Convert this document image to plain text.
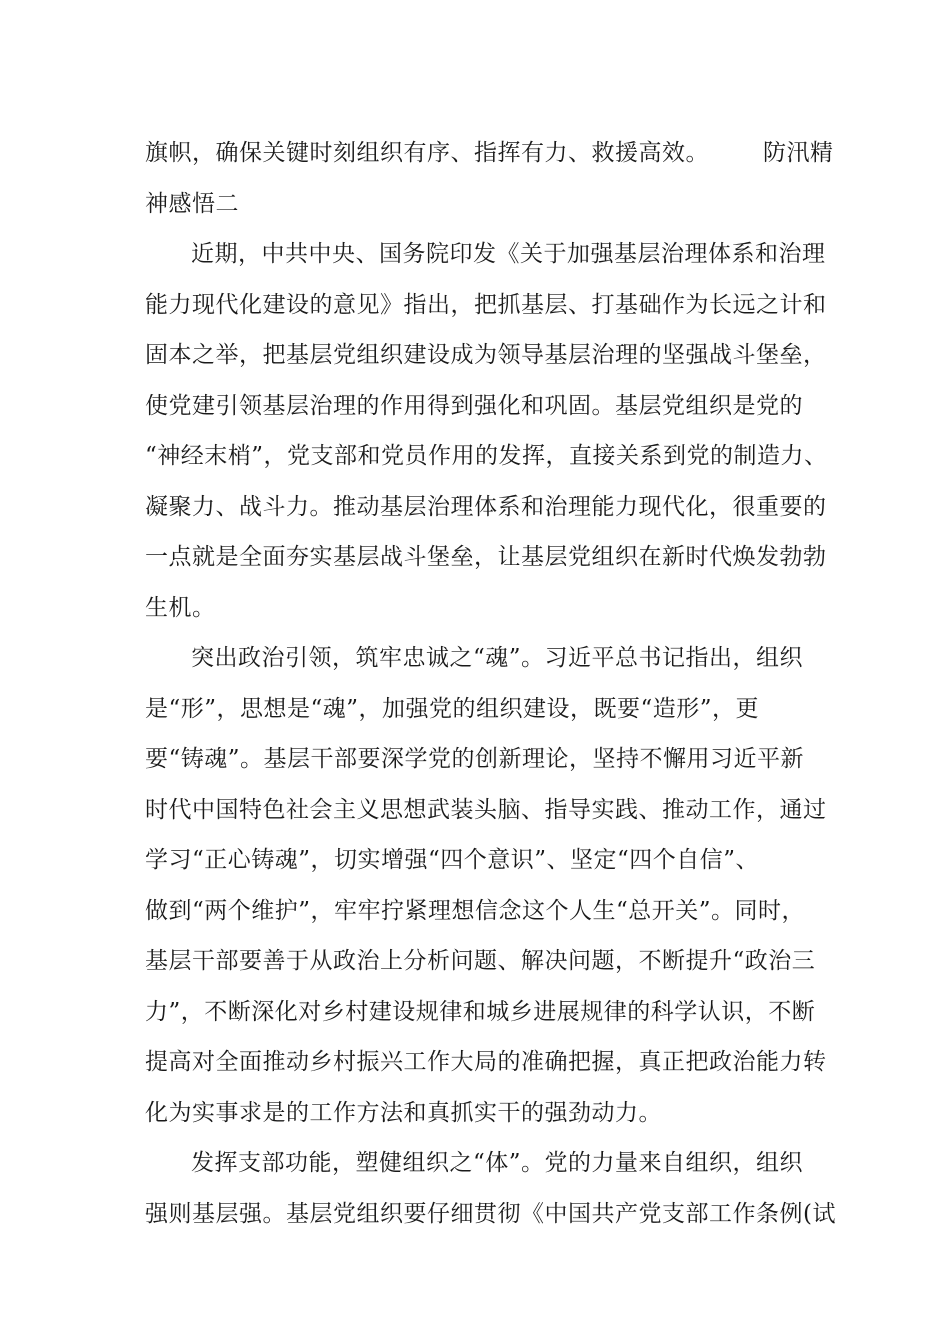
旗帜，确保关键时刻组织有序、指挥有力、救援高效。 防汛精
神感悟二
近期，中共中央、国务院印发《关于加强基层治理体系和治理
能力现代化建设的意见》指出，把抓基层、打基础作为长远之计和
固本之举，把基层党组织建设成为领导基层治理的坚强战斗堡垒，
使党建引领基层治理的作用得到强化和巩固。基层党组织是党的
“神经末梢”，党支部和党员作用的发挥，直接关系到党的制造力、
凝聚力、战斗力。推动基层治理体系和治理能力现代化，很重要的
一点就是全面夯实基层战斗堡垒，让基层党组织在新时代焕发勃勃
生机。
突出政治引领，筑牢忠诚之“魂”。习近平总书记指出，组织
是“形”，思想是“魂”，加强党的组织建设，既要“造形”，更
要“铸魂”。基层干部要深学党的创新理论，坚持不懈用习近平新
时代中国特色社会主义思想武装头脑、指导实践、推动工作，通过
学习“正心铸魂”，切实增强“四个意识”、坚定“四个自信”、
做到“两个维护”，牢牢拧紧理想信念这个人生“总开关”。同时，
基层干部要善于从政治上分析问题、解决问题，不断提升“政治三
力”，不断深化对乡村建设规律和城乡进展规律的科学认识，不断
提高对全面推动乡村振兴工作大局的准确把握，真正把政治能力转
化为实事求是的工作方法和真抓实干的强劲动力。
发挥支部功能，塑健组织之“体”。党的力量来自组织，组织
强则基层强。基层党组织要仔细贯彻《中国共产党支部工作条例(试
